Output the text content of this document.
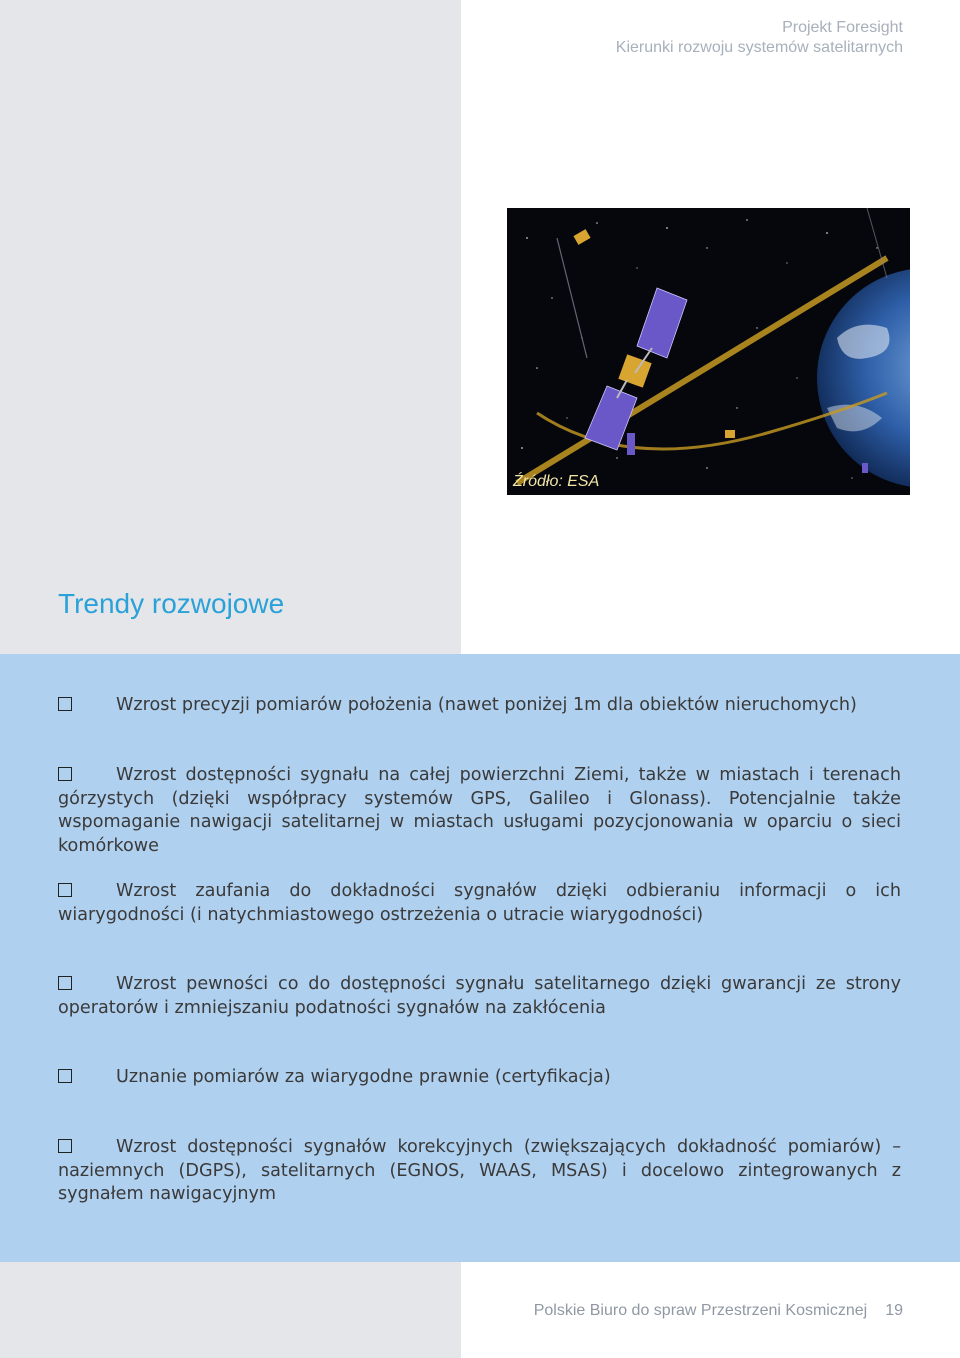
Projekt Foresight
Kierunki rozwoju systemów satelitarnych
Źródło: ESA
Trendy rozwojowe
Wzrost precyzji pomiarów położenia (nawet poniżej 1m dla obiektów nieruchomych)
Wzrost dostępności sygnału na całej powierzchni Ziemi, także w miastach i terenach górzystych (dzięki współpracy systemów GPS, Galileo i Glonass). Potencjalnie także wspomaganie nawigacji satelitarnej w miastach usługami pozycjonowania w oparciu o sieci komórkowe
Wzrost zaufania do dokładności sygnałów dzięki odbieraniu informacji o ich wiarygodności (i natychmiastowego ostrzeżenia o utracie wiarygodności)
Wzrost pewności co do dostępności sygnału satelitarnego dzięki gwarancji ze strony operatorów i zmniejszaniu podatności sygnałów na zakłócenia
Uznanie pomiarów za wiarygodne prawnie (certyfikacja)
Wzrost dostępności sygnałów korekcyjnych (zwiększających dokładność pomiarów) – naziemnych (DGPS), satelitarnych (EGNOS, WAAS, MSAS) i docelowo zintegrowanych z sygnałem nawigacyjnym
Polskie Biuro do spraw Przestrzeni Kosmicznej 19
